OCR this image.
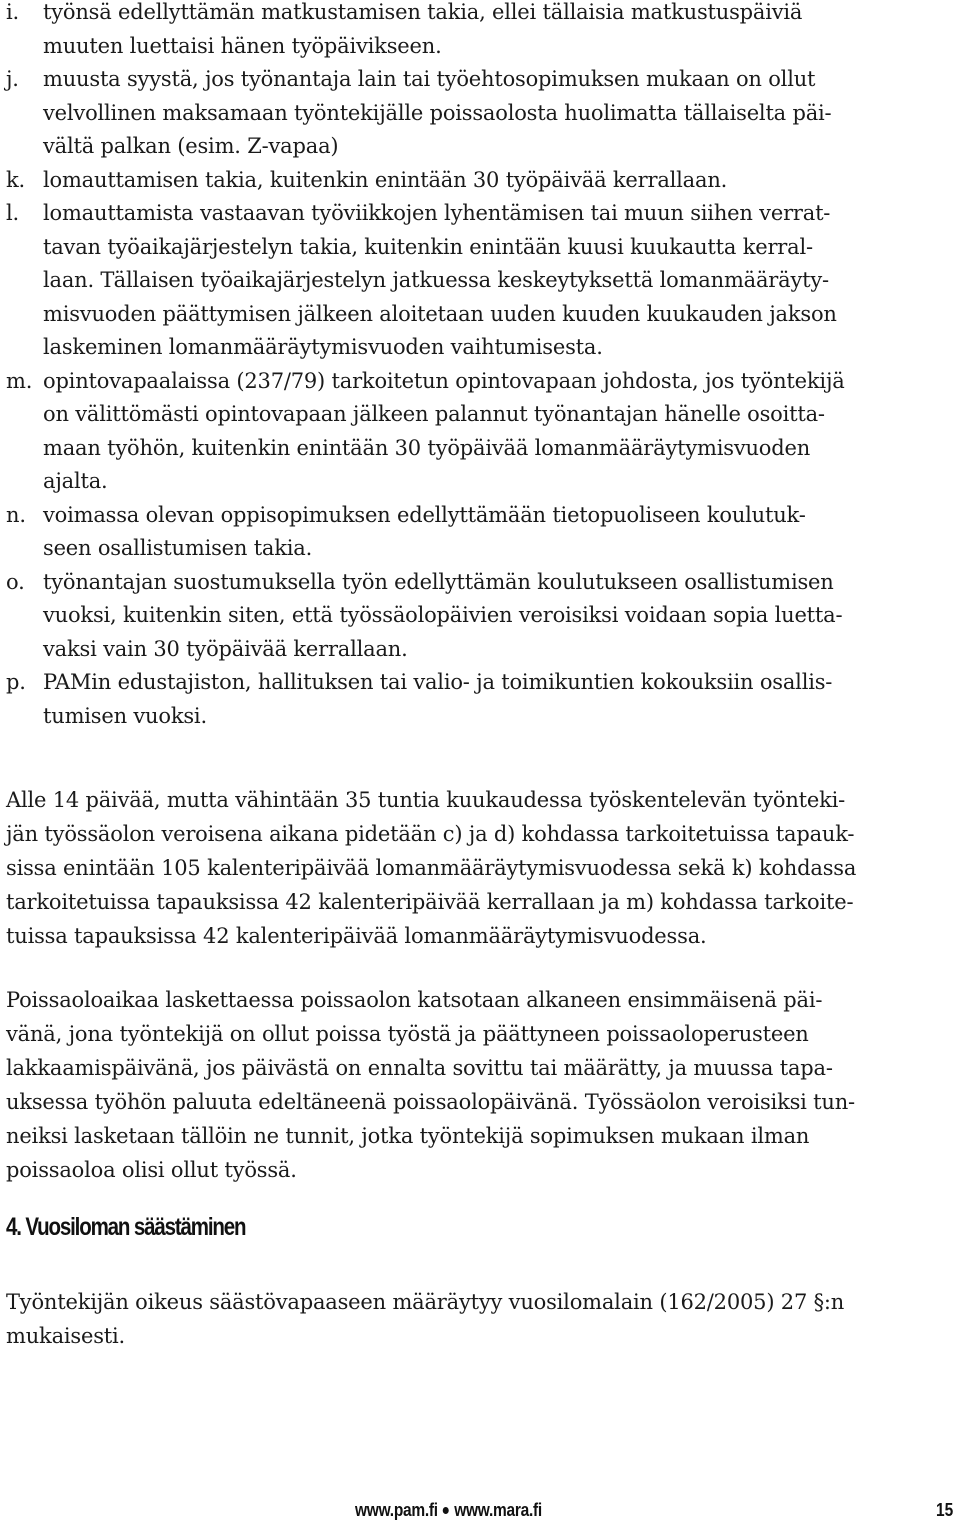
i.	työnsä edellyttämän matkustamisen takia, ellei tällaisia matkustuspäiviä
muuten luettaisi hänen työpäivikseen.
j.	muusta syystä, jos työnantaja lain tai työehtosopimuksen mukaan on ollut
velvollinen maksamaan työntekijälle poissaolosta huolimatta tällaiselta päi-
vältä palkan (esim. Z-vapaa)
k. lomauttamisen takia, kuitenkin enintään 30 työpäivää kerrallaan.
l.	lomauttamista vastaavan työviikkojen lyhentämisen tai muun siihen verrat-
tavan työaikajärjestelyn takia, kuitenkin enintään kuusi kuukautta kerral-
laan. Tällaisen työaikajärjestelyn jatkuessa keskeytyksettä lomanmääräyty-
misvuoden päättymisen jälkeen aloitetaan uuden kuuden kuukauden jakson
laskeminen lomanmääräytymisvuoden vaihtumisesta.
m. opintovapaalaissa (237/79) tarkoitetun opintovapaan johdosta, jos työntekijä
on välittömästi opintovapaan jälkeen palannut työnantajan hänelle osoitta-
maan työhön, kuitenkin enintään 30 työpäivää lomanmääräytymisvuoden
ajalta.
n. voimassa olevan oppisopimuksen edellyttämään tietopuoliseen koulutuk-
seen osallistumisen takia.
o. työnantajan suostumuksella työn edellyttämän koulutukseen osallistumisen
vuoksi, kuitenkin siten, että työssäolopäivien veroisiksi voidaan sopia luetta-
vaksi vain 30 työpäivää kerrallaan.
p. PAMin edustajiston, hallituksen tai valio- ja toimikuntien kokouksiin osallis-
tumisen vuoksi.

Alle 14 päivää, mutta vähintään 35 tuntia kuukaudessa työskentelevän työnteki-
jän työssäolon veroisena aikana pidetään c) ja d) kohdassa tarkoitetuissa tapauk-
sissa enintään 105 kalenteripäivää lomanmääräytymisvuodessa sekä k) kohdassa
tarkoitetuissa tapauksissa 42 kalenteripäivää kerrallaan ja m) kohdassa tarkoite-
tuissa tapauksissa 42 kalenteripäivää lomanmääräytymisvuodessa.

Poissaoloaikaa laskettaessa poissaolon katsotaan alkaneen ensimmäisenä päi-
vänä, jona työntekijä on ollut poissa työstä ja päättyneen poissaoloperusteen
lakkaamispäivänä, jos päivästä on ennalta sovittu tai määrätty, ja muussa tapa-
uksessa työhön paluuta edeltäneenä poissaolopäivänä. Työssäolon veroisiksi tun-
neiksi lasketaan tällöin ne tunnit, jotka työntekijä sopimuksen mukaan ilman
poissaoloa olisi ollut työssä.

4. Vuosiloman säästäminen

Työntekijän oikeus säästövapaaseen määräytyy vuosilomalain (162/2005) 27 §:n
mukaisesti.

www.pam.fi www.mara.fi	15
